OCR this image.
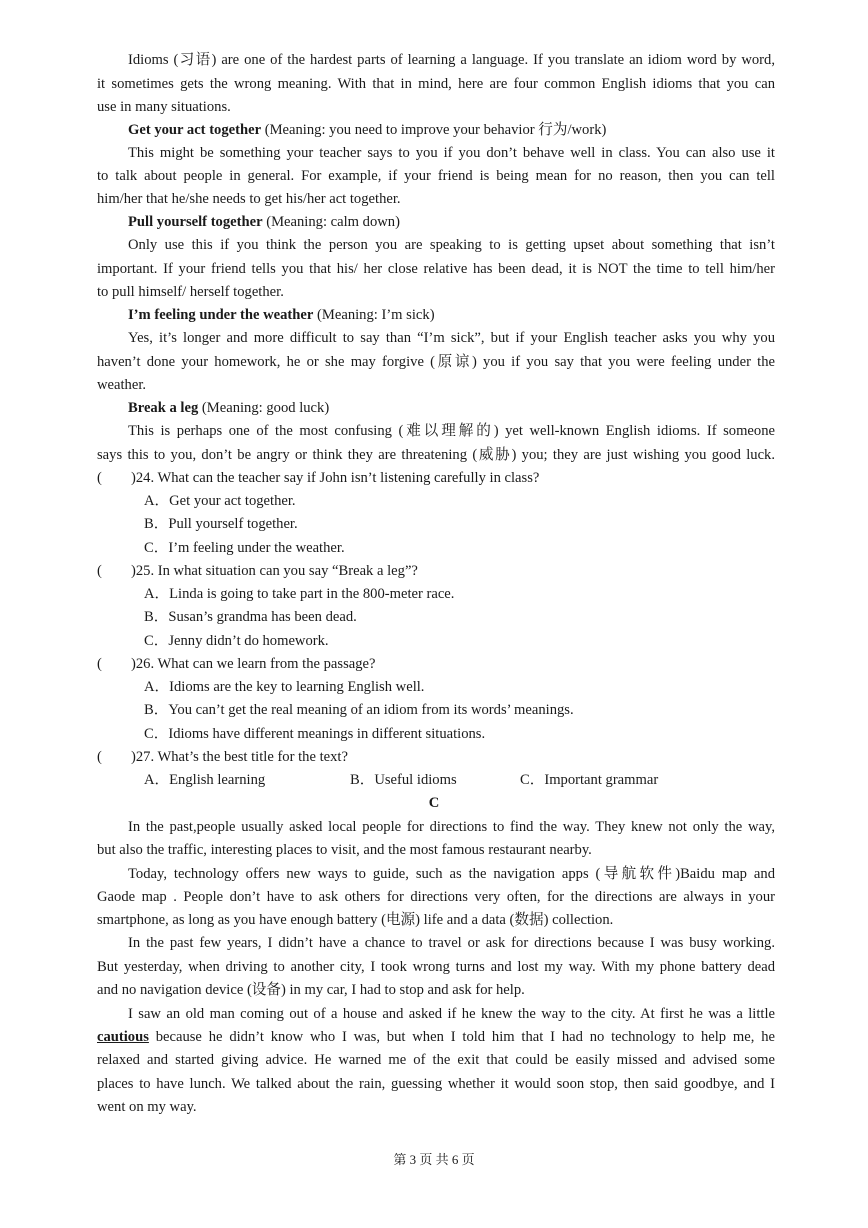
Idioms (习语) are one of the hardest parts of learning a language. If you translate an idiom word by word,
it sometimes gets the wrong meaning. With that in mind, here are four common English idioms that you can
use in many situations.
Get your act together (Meaning: you need to improve your behavior 行为/work)
This might be something your teacher says to you if you don’t behave well in class. You can also use it
to talk about people in general. For example, if your friend is being mean for no reason, then you can tell
him/her that he/she needs to get his/her act together.
Pull yourself together (Meaning: calm down)
Only use this if you think the person you are speaking to is getting upset about something that isn’t
important. If your friend tells you that his/ her close relative has been dead, it is NOT the time to tell him/her
to pull himself/ herself together.
I’m feeling under the weather (Meaning: I’m sick)
Yes, it’s longer and more difficult to say than “I’m sick”, but if your English teacher asks you why you
haven’t done your homework, he or she may forgive (原谅) you if you say that you were feeling under the
weather.
Break a leg (Meaning: good luck)
This is perhaps one of the most confusing (难以理解的) yet well-known English idioms. If someone
says this to you, don’t be angry or think they are threatening (威胁) you; they are just wishing you good luck.
( )24. What can the teacher say if John isn’t listening carefully in class?
A．Get your act together.
B．Pull yourself together.
C．I’m feeling under the weather.
( )25. In what situation can you say “Break a leg”?
A．Linda is going to take part in the 800-meter race.
B．Susan’s grandma has been dead.
C．Jenny didn’t do homework.
( )26. What can we learn from the passage?
A．Idioms are the key to learning English well.
B．You can’t get the real meaning of an idiom from its words’ meanings.
C．Idioms have different meanings in different situations.
( )27. What’s the best title for the text?
A．English learning	B．Useful idioms	C．Important grammar
C
In the past,people usually asked local people for directions to find the way. They knew not only the way,
but also the traffic, interesting places to visit, and the most famous restaurant nearby.
Today, technology offers new ways to guide, such as the navigation apps (导航软件)Baidu map and
Gaode map . People don’t have to ask others for directions very often, for the directions are always in your
smartphone, as long as you have enough battery (电源) life and a data (数据) collection.
In the past few years, I didn’t have a chance to travel or ask for directions because I was busy working.
But yesterday, when driving to another city, I took wrong turns and lost my way. With my phone battery dead
and no navigation device (设备) in my car, I had to stop and ask for help.
I saw an old man coming out of a house and asked if he knew the way to the city. At first he was a little
cautious because he didn’t know who I was, but when I told him that I had no technology to help me, he
relaxed and started giving advice. He warned me of the exit that could be easily missed and advised some
places to have lunch. We talked about the rain, guessing whether it would soon stop, then said goodbye, and I
went on my way.
第 3 页 共 6 页
